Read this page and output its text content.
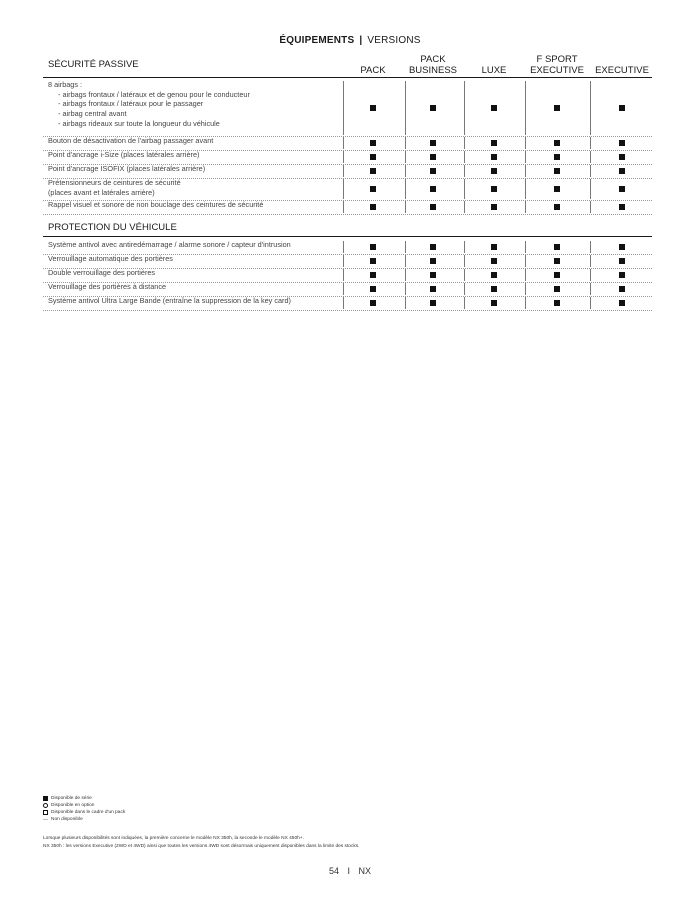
ÉQUIPEMENTS | VERSIONS
PACK
PACK
BUSINESS	LUXE
F SPORT
EXECUTIVE	EXECUTIVE
SÉCURITÉ PASSIVE
8 airbags :
- airbags frontaux / latéraux et de genou pour le conducteur
- airbags frontaux / latéraux pour le passager
- airbag central avant
- airbags rideaux sur toute la longueur du véhicule
Bouton de désactivation de l'airbag passager avant
Point d'ancrage i-Size (places latérales arrière)
Point d'ancrage ISOFIX (places latérales arrière)
Prétensionneurs de ceintures de sécurité
(places avant et latérales arrière)
Rappel visuel et sonore de non bouclage des ceintures de sécurité
PROTECTION DU VÉHICULE
Système antivol avec antiredémarrage / alarme sonore / capteur d'intrusion
Verrouillage automatique des portières
Double verrouillage des portières
Verrouillage des portières à distance
Système antivol Ultra Large Bande (entraîne la suppression de la key card)
Disponible de série
Disponible en option
Disponible dans le cadre d'un pack
— Non disponible
Lorsque plusieurs disponibilités sont indiquées, la première concerne le modèle NX 350h, la seconde le modèle NX 450h+.
NX 350h : les versions Executive (2WD et 4WD) ainsi que toutes les versions 4WD sont désormais uniquement disponibles dans la limite des stocks.
54 I NX
